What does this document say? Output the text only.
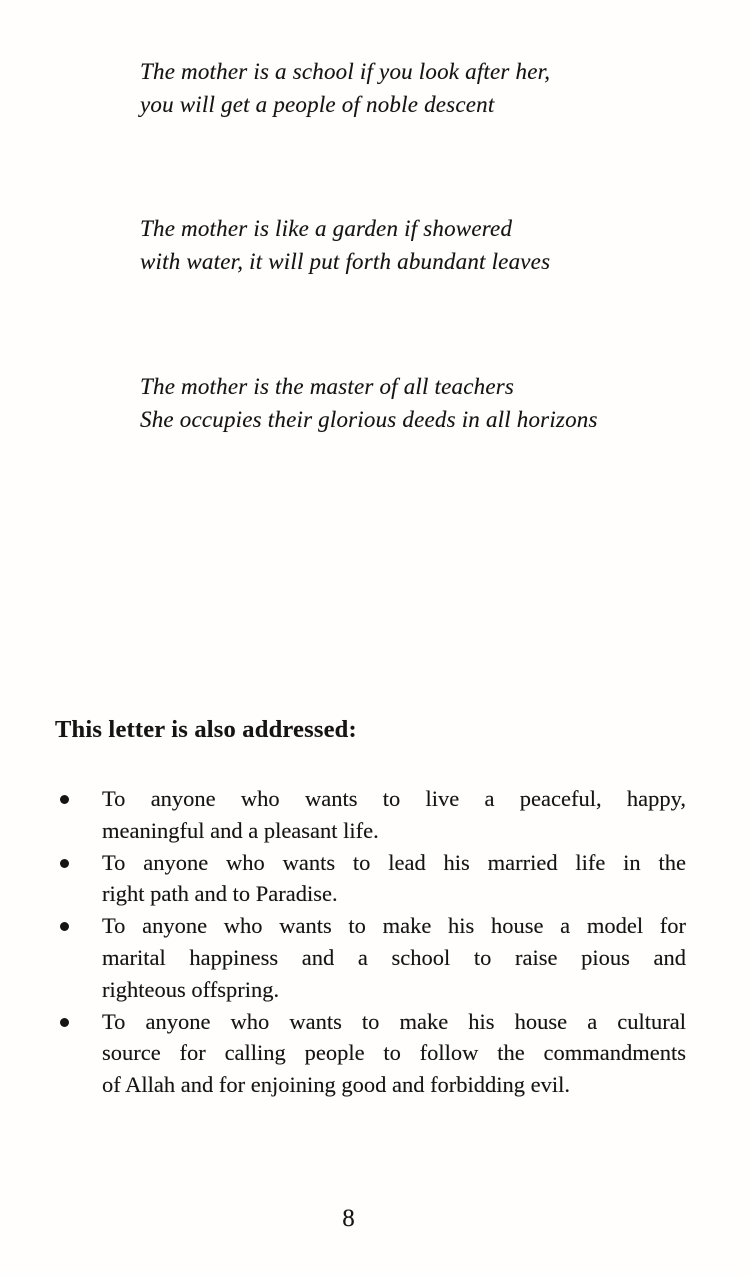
The mother is a school if you look after her,
you will get a people of noble descent
The mother is like a garden if showered
with water, it will put forth abundant leaves
The mother is the master of all teachers
She occupies their glorious deeds in all horizons
This letter is also addressed:
To anyone who wants to live a peaceful, happy,
meaningful and a pleasant life.
To anyone who wants to lead his married life in the
right path and to Paradise.
To anyone who wants to make his house a model for
marital happiness and a school to raise pious and
righteous offspring.
To anyone who wants to make his house a cultural
source for calling people to follow the commandments
of Allah and for enjoining good and forbidding evil.
8
